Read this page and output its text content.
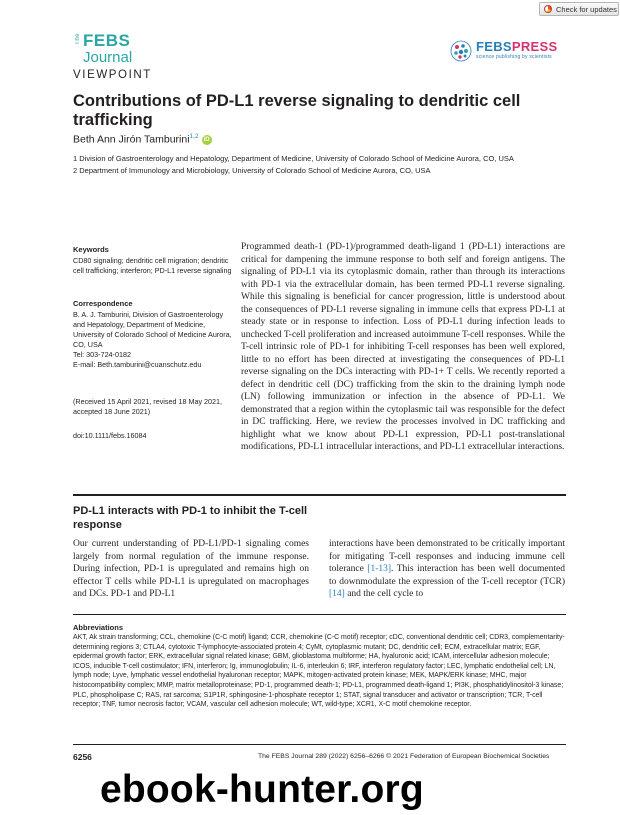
Check for updates
The FEBS
Journal
VIEWPOINT
FEBSPRESS
science publishing by scientists
Contributions of PD-L1 reverse signaling to dendritic cell trafficking
Beth Ann Jirón Tamburini$^{1,2}$ iD
1 Division of Gastroenterology and Hepatology, Department of Medicine, University of Colorado School of Medicine Aurora, CO, USA
2 Department of Immunology and Microbiology, University of Colorado School of Medicine Aurora, CO, USA
Keywords
CD80 signaling; dendritic cell migration; dendritic cell trafficking; interferon; PD-L1 reverse signaling
Correspondence
B. A. J. Tamburini, Division of Gastroenterology and Hepatology, Department of Medicine, University of Colorado School of Medicine Aurora, CO, USA
Tel: 303-724-0182
E-mail: Beth.tamburini@cuanschutz.edu
(Received 15 April 2021, revised 18 May 2021, accepted 18 June 2021)
doi:10.1111/febs.16084
Programmed death-1 (PD-1)/programmed death-ligand 1 (PD-L1) interactions are critical for dampening the immune response to both self and foreign antigens. The signaling of PD-L1 via its cytoplasmic domain, rather than through its interactions with PD-1 via the extracellular domain, has been termed PD-L1 reverse signaling. While this signaling is beneficial for cancer progression, little is understood about the consequences of PD-L1 reverse signaling in immune cells that express PD-L1 at steady state or in response to infection. Loss of PD-L1 during infection leads to unchecked T-cell proliferation and increased autoimmune T-cell responses. While the T-cell intrinsic role of PD-1 for inhibiting T-cell responses has been well explored, little to no effort has been directed at investigating the consequences of PD-L1 reverse signaling on the DCs interacting with PD-1+ T cells. We recently reported a defect in dendritic cell (DC) trafficking from the skin to the draining lymph node (LN) following immunization or infection in the absence of PD-L1. We demonstrated that a region within the cytoplasmic tail was responsible for the defect in DC trafficking. Here, we review the processes involved in DC trafficking and highlight what we know about PD-L1 expression, PD-L1 post-translational modifications, PD-L1 intracellular interactions, and PD-L1 extracellular interactions.
PD-L1 interacts with PD-1 to inhibit the T-cell response
Our current understanding of PD-L1/PD-1 signaling comes largely from normal regulation of the immune response. During infection, PD-1 is upregulated and remains high on effector T cells while PD-L1 is upregulated on macrophages and DCs. PD-1 and PD-L1
interactions have been demonstrated to be critically important for mitigating T-cell responses and inducing immune cell tolerance [1-13]. This interaction has been well documented to downmodulate the expression of the T-cell receptor (TCR) [14] and the cell cycle to
Abbreviations
AKT, Ak strain transforming; CCL, chemokine (C-C motif) ligand; CCR, chemokine (C-C motif) receptor; cDC, conventional dendritic cell; CDR3, complementarity-determining regions 3; CTLA4, cytotoxic T-lymphocyte-associated protein 4; CyMt, cytoplasmic mutant; DC, dendritic cell; ECM, extracellular matrix; EGF, epidermal growth factor; ERK, extracellular signal related kinase; GBM, glioblastoma multiforme; HA, hyaluronic acid; ICAM, intercellular adhesion molecule; ICOS, inducible T-cell costimulator; IFN, interferon; Ig, immunoglobulin; IL-6, interleukin 6; IRF, interferon regulatory factor; LEC, lymphatic endothelial cell; LN, lymph node; Lyve, lymphatic vessel endothelial hyaluronan receptor; MAPK, mitogen-activated protein kinase; MEK, MAPK/ERK kinase; MHC, major histocompatibility complex; MMP, matrix metalloproteinase; PD-1, programmed death-1; PD-L1, programmed death-ligand 1; PI3K, phosphatidylinositol-3 kinase; PLC, phospholipase C; RAS, rat sarcoma; S1P1R, sphingosine-1-phosphate receptor 1; STAT, signal transducer and activator or transcription; TCR, T-cell receptor; TNF, tumor necrosis factor; VCAM, vascular cell adhesion molecule; WT, wild-type; XCR1, X-C motif chemokine receptor.
6256	The FEBS Journal 289 (2022) 6256–6266 © 2021 Federation of European Biochemical Societies
ebook-hunter.org
